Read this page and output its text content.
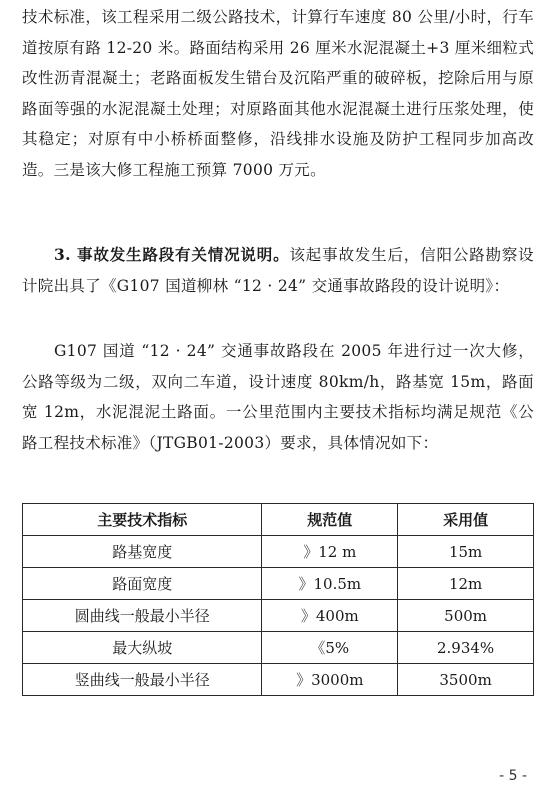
技术标准，该工程采用二级公路技术，计算行车速度 80 公里/小时，行车道按原有路 12-20 米。路面结构采用 26 厘米水泥混凝土+3 厘米细粒式改性沥青混凝土；老路面板发生错台及沉陷严重的破碎板，挖除后用与原路面等强的水泥混凝土处理；对原路面其他水泥混凝土进行压浆处理，使其稳定；对原有中小桥桥面整修，沿线排水设施及防护工程同步加高改造。三是该大修工程施工预算 7000 万元。

3. 事故发生路段有关情况说明。该起事故发生后，信阳公路勘察设计院出具了《G107 国道柳林 “12 · 24” 交通事故路段的设计说明》：

G107 国道 “12 · 24” 交通事故路段在 2005 年进行过一次大修，公路等级为二级，双向二车道，设计速度 80km/h，路基宽 15m，路面宽 12m，水泥混泥土路面。一公里范围内主要技术指标均满足规范《公路工程技术标准》（JTGB01-2003）要求，具体情况如下：

主要技术指标	规范值	采用值
路基宽度	》12 m	15m
路面宽度	》10.5m	12m
圆曲线一般最小半径	》400m	500m
最大纵坡	《5%	2.934%
竖曲线一般最小半径	》3000m	3500m
- 5 -
